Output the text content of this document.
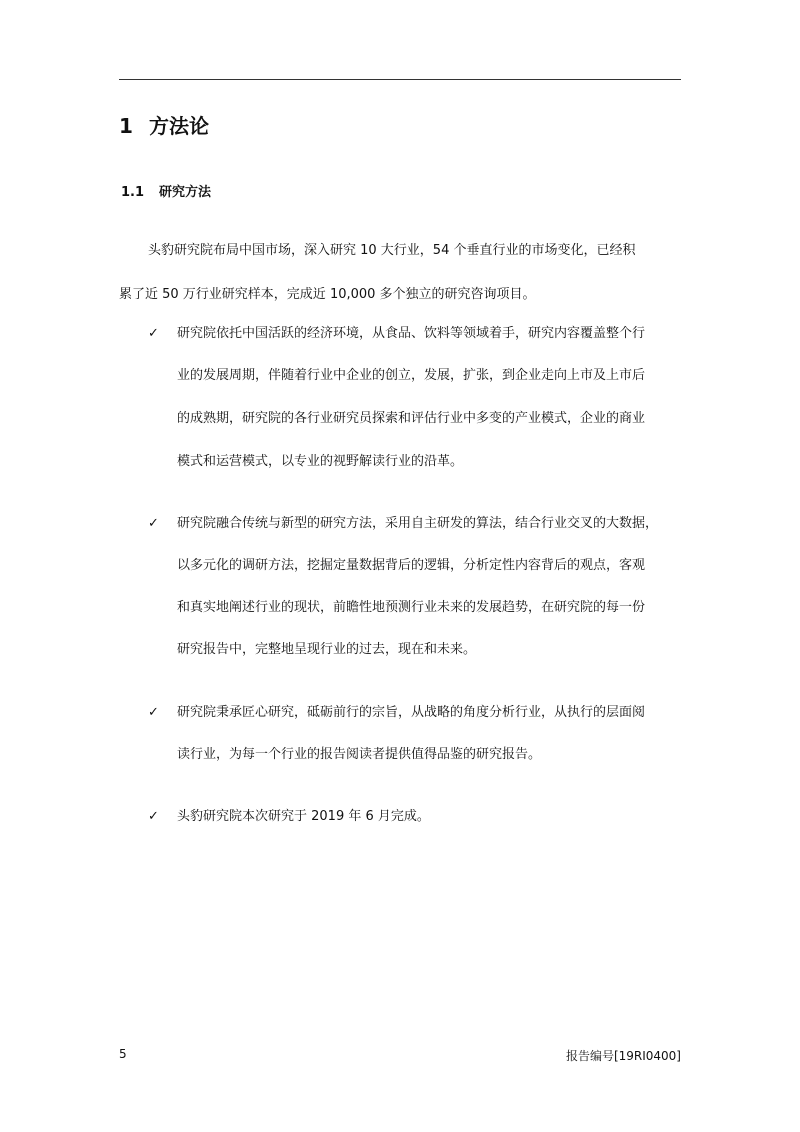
1 方法论
1.1 研究方法
头豹研究院布局中国市场，深入研究 10 大行业，54 个垂直行业的市场变化，已经积
累了近 50 万行业研究样本，完成近 10,000 多个独立的研究咨询项目。
✓ 研究院依托中国活跃的经济环境，从食品、饮料等领域着手，研究内容覆盖整个行
业的发展周期，伴随着行业中企业的创立，发展，扩张，到企业走向上市及上市后
的成熟期，研究院的各行业研究员探索和评估行业中多变的产业模式，企业的商业
模式和运营模式，以专业的视野解读行业的沿革。
✓ 研究院融合传统与新型的研究方法，采用自主研发的算法，结合行业交叉的大数据，
以多元化的调研方法，挖掘定量数据背后的逻辑，分析定性内容背后的观点，客观
和真实地阐述行业的现状，前瞻性地预测行业未来的发展趋势，在研究院的每一份
研究报告中，完整地呈现行业的过去，现在和未来。
✓ 研究院秉承匠心研究，砥砺前行的宗旨，从战略的角度分析行业，从执行的层面阅
读行业，为每一个行业的报告阅读者提供值得品鉴的研究报告。
✓ 头豹研究院本次研究于 2019 年 6 月完成。
5	报告编号[19RI0400]
